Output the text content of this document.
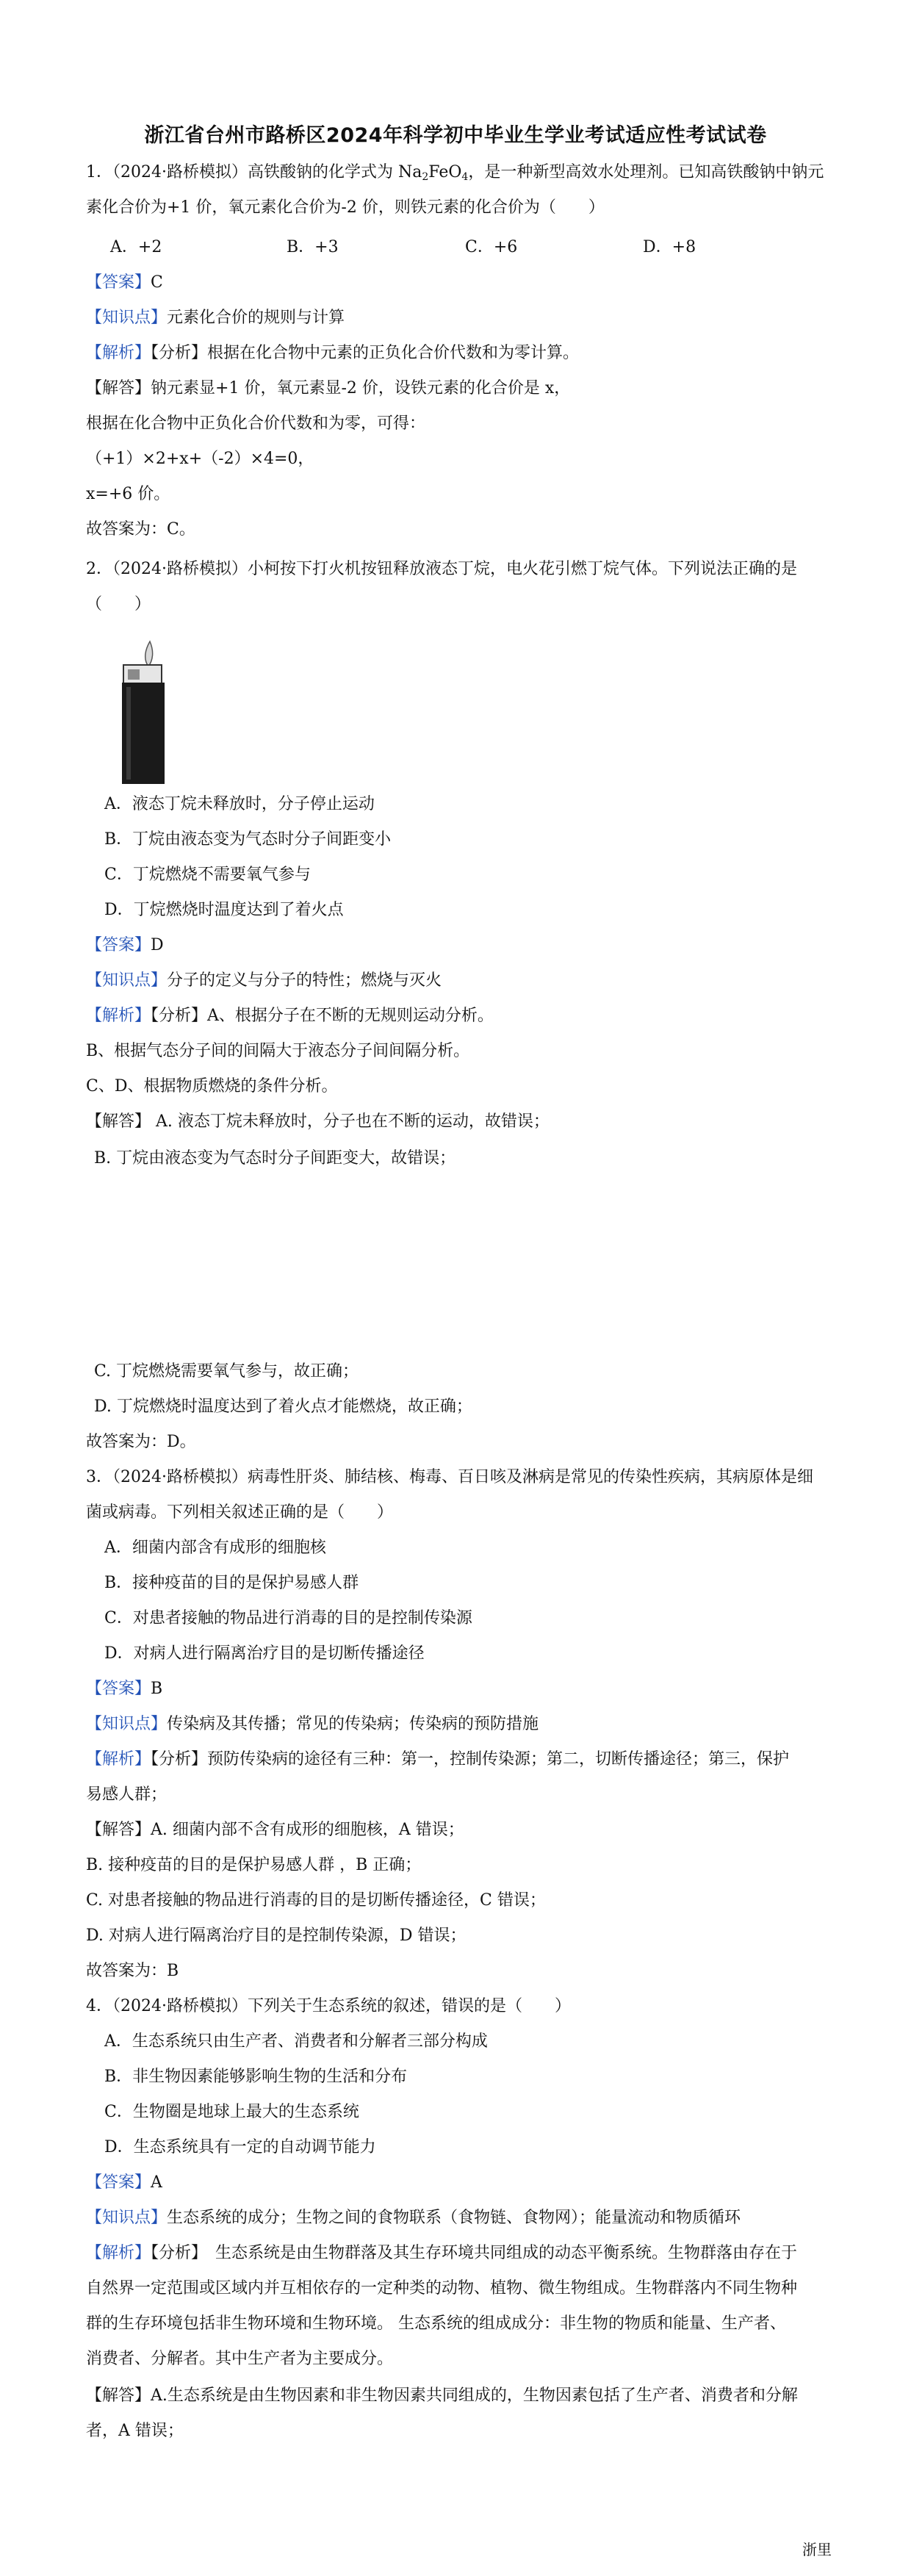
浙江省台州市路桥区2024年科学初中毕业生学业考试适应性考试试卷
1．（2024·路桥模拟）高铁酸钠的化学式为 $Na_2FeO_4$，是一种新型高效水处理剂。已知高铁酸钠中钠元
素化合价为+1 价，氧元素化合价为-2 价，则铁元素的化合价为（　　）
A．+2	B．+3	C．+6	D．+8
【答案】C
【知识点】元素化合价的规则与计算
【解析】【分析】根据在化合物中元素的正负化合价代数和为零计算。
【解答】钠元素显+1 价，氧元素显-2 价，设铁元素的化合价是 x，
根据在化合物中正负化合价代数和为零，可得：
（+1）×2+x+（-2）×4=0，
x=+6 价。
故答案为：C。
2．（2024·路桥模拟）小柯按下打火机按钮释放液态丁烷，电火花引燃丁烷气体。下列说法正确的是
（　　）
A．液态丁烷未释放时，分子停止运动
B．丁烷由液态变为气态时分子间距变小
C．丁烷燃烧不需要氧气参与
D．丁烷燃烧时温度达到了着火点
【答案】D
【知识点】分子的定义与分子的特性；燃烧与灭火
【解析】【分析】A、根据分子在不断的无规则运动分析。
B、根据气态分子间的间隔大于液态分子间间隔分析。
C、D、根据物质燃烧的条件分析。
【解答】 A. 液态丁烷未释放时，分子也在不断的运动，故错误；
B. 丁烷由液态变为气态时分子间距变大，故错误；
C. 丁烷燃烧需要氧气参与，故正确；
D. 丁烷燃烧时温度达到了着火点才能燃烧，故正确；
故答案为：D。
3．（2024·路桥模拟）病毒性肝炎、肺结核、梅毒、百日咳及淋病是常见的传染性疾病，其病原体是细
菌或病毒。下列相关叙述正确的是（　　）
A．细菌内部含有成形的细胞核
B．接种疫苗的目的是保护易感人群
C．对患者接触的物品进行消毒的目的是控制传染源
D．对病人进行隔离治疗目的是切断传播途径
【答案】B
【知识点】传染病及其传播；常见的传染病；传染病的预防措施
【解析】【分析】预防传染病的途径有三种：第一，控制传染源；第二，切断传播途径；第三，保护
易感人群；
【解答】A. 细菌内部不含有成形的细胞核，A 错误；
B. 接种疫苗的目的是保护易感人群 ，B 正确；
C. 对患者接触的物品进行消毒的目的是切断传播途径，C 错误；
D. 对病人进行隔离治疗目的是控制传染源，D 错误；
故答案为：B
4．（2024·路桥模拟）下列关于生态系统的叙述，错误的是（　　）
A．生态系统只由生产者、消费者和分解者三部分构成
B．非生物因素能够影响生物的生活和分布
C．生物圈是地球上最大的生态系统
D．生态系统具有一定的自动调节能力
【答案】A
【知识点】生态系统的成分；生物之间的食物联系（食物链、食物网）；能量流动和物质循环
【解析】【分析】　生态系统是由生物群落及其生存环境共同组成的动态平衡系统。生物群落由存在于
自然界一定范围或区域内并互相依存的一定种类的动物、植物、微生物组成。生物群落内不同生物种
群的生存环境包括非生物环境和生物环境。 生态系统的组成成分：非生物的物质和能量、生产者、
消费者、分解者。其中生产者为主要成分。
【解答】A.生态系统是由生物因素和非生物因素共同组成的，生物因素包括了生产者、消费者和分解
者，A 错误；
浙里
